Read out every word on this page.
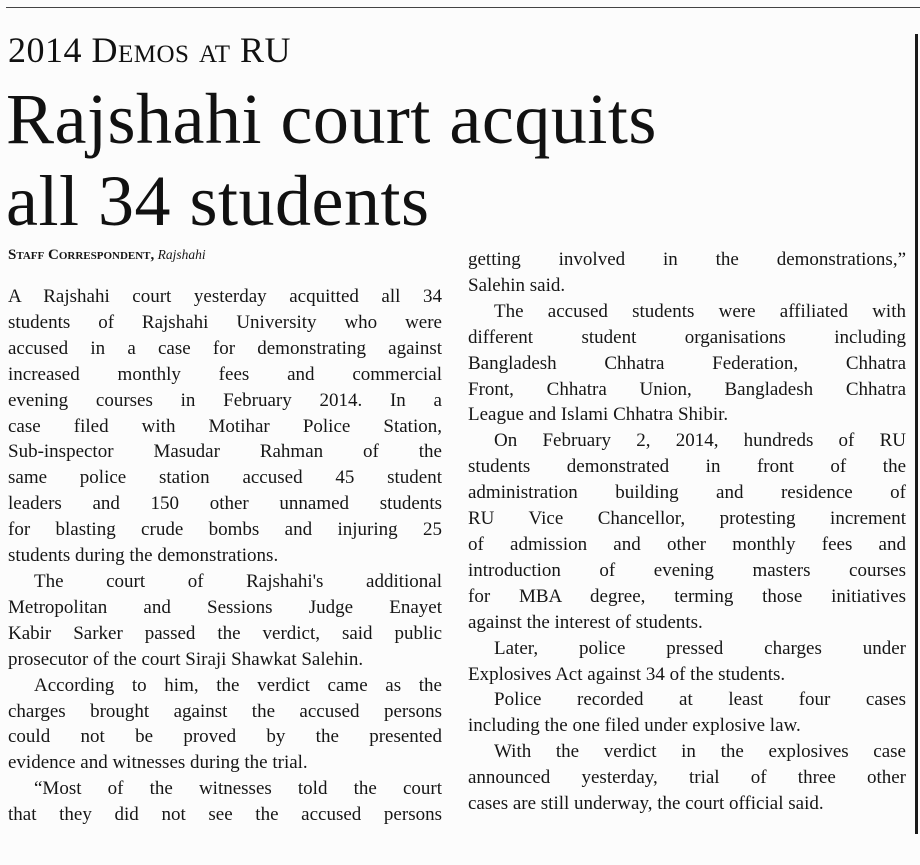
2014 Demos at RU
Rajshahi court acquits
all 34 students
Staff Correspondent, Rajshahi
A Rajshahi court yesterday acquitted all 34
students of Rajshahi University who were
accused in a case for demonstrating against
increased monthly fees and commercial
evening courses in February 2014. In a
case filed with Motihar Police Station,
Sub-inspector Masudar Rahman of the
same police station accused 45 student
leaders and 150 other unnamed students
for blasting crude bombs and injuring 25
students during the demonstrations.
The court of Rajshahi's additional
Metropolitan and Sessions Judge Enayet
Kabir Sarker passed the verdict, said public
prosecutor of the court Siraji Shawkat Salehin.
According to him, the verdict came as the
charges brought against the accused persons
could not be proved by the presented
evidence and witnesses during the trial.
“Most of the witnesses told the court
that they did not see the accused persons
getting involved in the demonstrations,”
Salehin said.
The accused students were affiliated with
different student organisations including
Bangladesh Chhatra Federation, Chhatra
Front, Chhatra Union, Bangladesh Chhatra
League and Islami Chhatra Shibir.
On February 2, 2014, hundreds of RU
students demonstrated in front of the
administration building and residence of
RU Vice Chancellor, protesting increment
of admission and other monthly fees and
introduction of evening masters courses
for MBA degree, terming those initiatives
against the interest of students.
Later, police pressed charges under
Explosives Act against 34 of the students.
Police recorded at least four cases
including the one filed under explosive law.
With the verdict in the explosives case
announced yesterday, trial of three other
cases are still underway, the court official said.
